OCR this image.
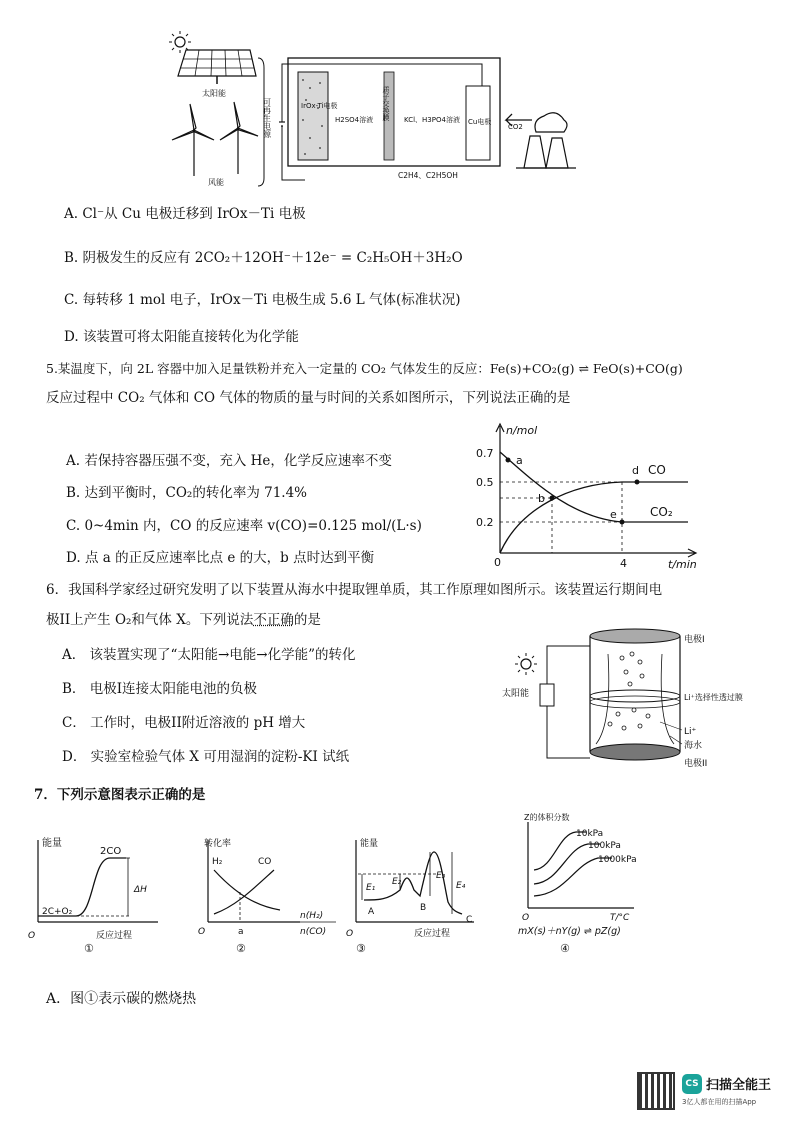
太阳能
风能
可再生电源	IrOx-Ti电极
H2SO4溶液 质子交换膜 KCl、H3PO4溶液 Cu电极
C2H4、C2H5OH
CO2
A. Cl⁻从 Cu 电极迁移到 IrOx－Ti 电极
B. 阴极发生的反应有 2CO₂＋12OH⁻＋12e⁻ = C₂H₅OH＋3H₂O
C. 每转移 1 mol 电子，IrOx－Ti 电极生成 5.6 L 气体(标准状况)
D. 该装置可将太阳能直接转化为化学能
5.某温度下，向 2L 容器中加入足量铁粉并充入一定量的 CO₂ 气体发生的反应：Fe(s)+CO₂(g) ⇌ FeO(s)+CO(g)
反应过程中 CO₂ 气体和 CO 气体的物质的量与时间的关系如图所示，下列说法正确的是
A. 若保持容器压强不变，充入 He，化学反应速率不变
B. 达到平衡时，CO₂的转化率为 71.4%
C. 0~4min 内，CO 的反应速率 v(CO)=0.125 mol/(L·s)
D. 点 a 的正反应速率比点 e 的大，b 点时达到平衡
n/mol
t/min
0
0.7
0.5
0.2
4
a
b
d
e
CO
CO₂
6．我国科学家经过研究发明了以下装置从海水中提取锂单质，其工作原理如图所示。该装置运行期间电
极II上产生 O₂和气体 X。下列说法不正确的是
A． 该装置实现了“太阳能→电能→化学能”的转化
B． 电极I连接太阳能电池的负极
C． 工作时，电极II附近溶液的 pH 增大
D． 实验室检验气体 X 可用湿润的淀粉-KI 试纸
太阳能
电极I
Li⁺选择性透过膜
Li⁺
海水
电极II
7．下列示意图表示正确的是
能量
2CO
2C+O₂
ΔH
反应过程
O
①
转化率
H₂	CO
a
O
n(H₂)
n(CO)
②
能量
E₁
E₂
E₃
E₄
A	B
C
反应过程
O
③
Z的体积分数
10kPa
100kPa
1000kPa
T/°C
O
mX(s)＋nY(g) ⇌ pZ(g)
④
A．图①表示碳的燃烧热
CS 扫描全能王
3亿人都在用的扫描App
